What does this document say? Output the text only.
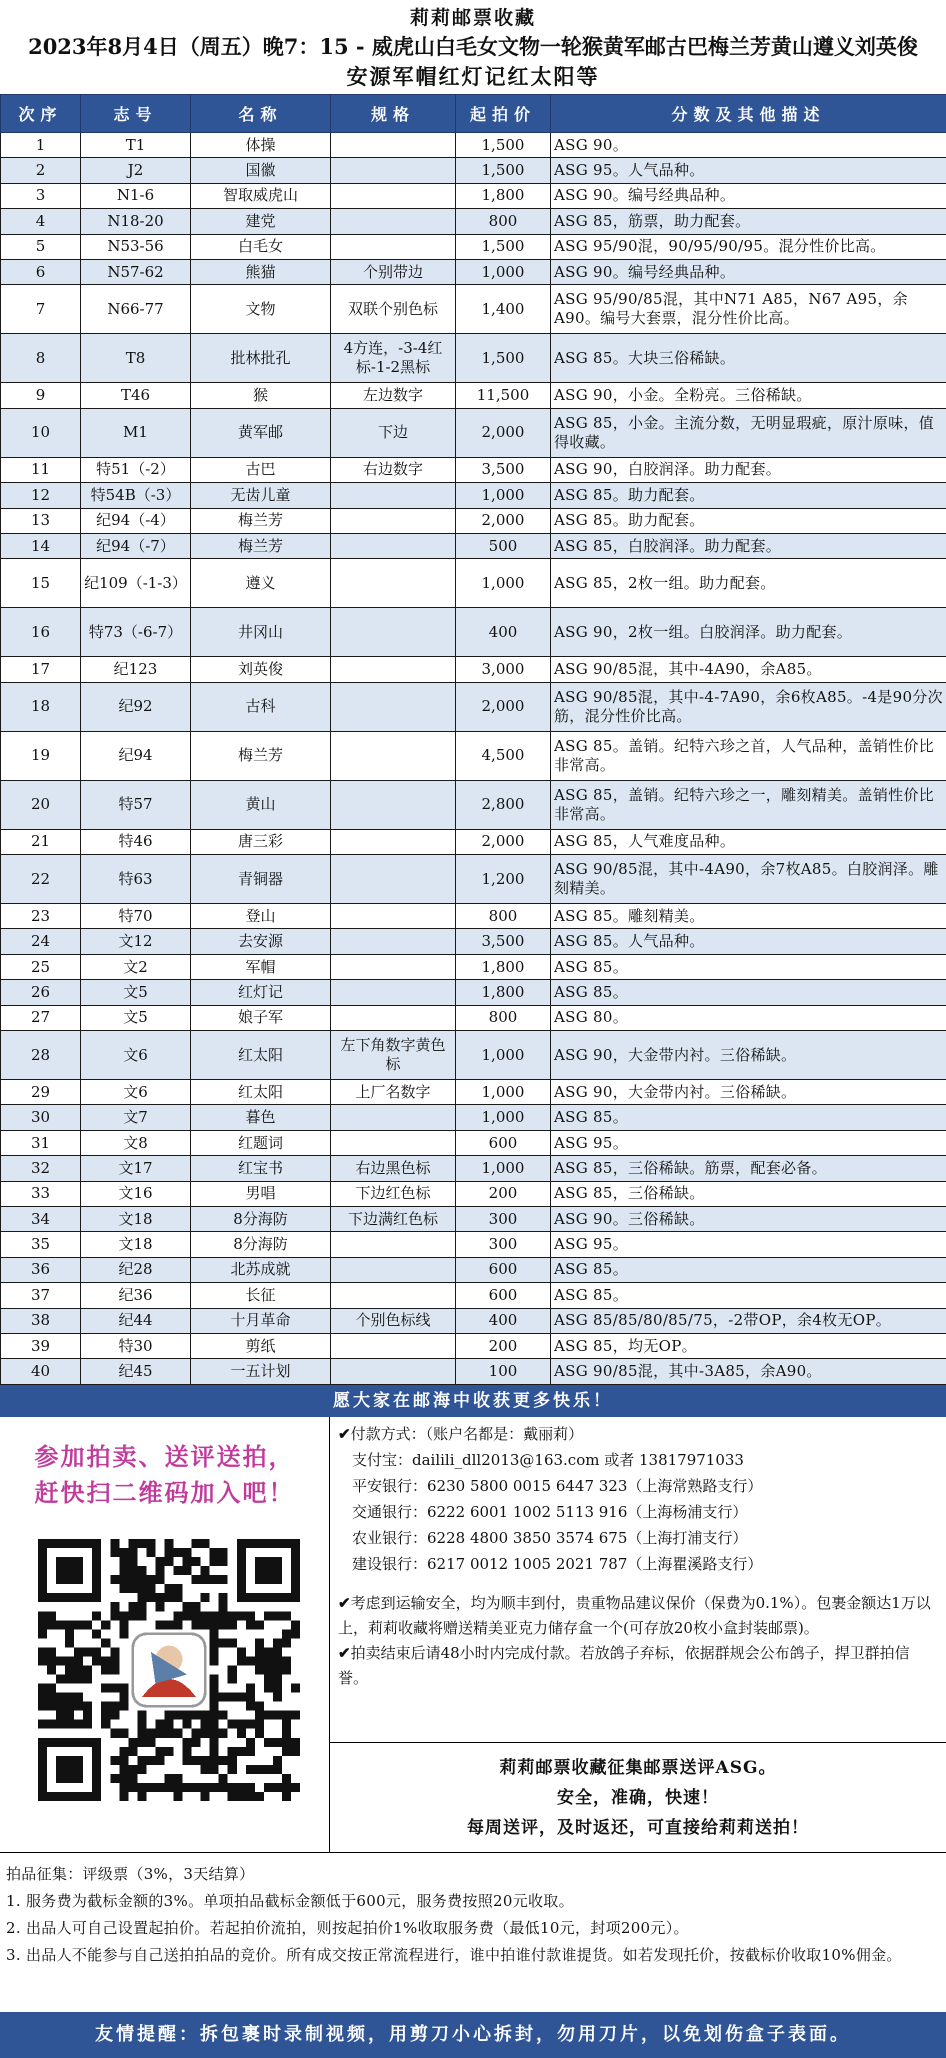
莉莉邮票收藏
2023年8月4日（周五）晚7：15 - 威虎山白毛女文物一轮猴黄军邮古巴梅兰芳黄山遵义刘英俊
安源军帽红灯记红太阳等
次序	志号	名称	规格	起拍价	分数及其他描述
1	T1	体操		1,500	ASG 90。
2	J2	国徽		1,500	ASG 95。人气品种。
3	N1-6	智取威虎山		1,800	ASG 90。编号经典品种。
4	N18-20	建党		800	ASG 85，筋票，助力配套。
5	N53-56	白毛女		1,500	ASG 95/90混，90/95/90/95。混分性价比高。
6	N57-62	熊猫	个别带边	1,000	ASG 90。编号经典品种。
7	N66-77	文物	双联个别色标	1,400	ASG 95/90/85混，其中N71 A85，N67 A95，余A90。编号大套票，混分性价比高。
8	T8	批林批孔	4方连，-3-4红标-1-2黑标	1,500	ASG 85。大块三俗稀缺。
9	T46	猴	左边数字	11,500	ASG 90，小金。全粉亮。三俗稀缺。
10	M1	黄军邮	下边	2,000	ASG 85，小金。主流分数，无明显瑕疵，原汁原味，值得收藏。
11	特51（-2）	古巴	右边数字	3,500	ASG 90，白胶润泽。助力配套。
12	特54B（-3）	无齿儿童		1,000	ASG 85。助力配套。
13	纪94（-4）	梅兰芳		2,000	ASG 85。助力配套。
14	纪94（-7）	梅兰芳		500	ASG 85，白胶润泽。助力配套。
15	纪109（-1-3）	遵义		1,000	ASG 85，2枚一组。助力配套。
16	特73（-6-7）	井冈山		400	ASG 90，2枚一组。白胶润泽。助力配套。
17	纪123	刘英俊		3,000	ASG 90/85混，其中-4A90，余A85。
18	纪92	古科		2,000	ASG 90/85混，其中-4-7A90，余6枚A85。-4是90分次筋，混分性价比高。
19	纪94	梅兰芳		4,500	ASG 85。盖销。纪特六珍之首，人气品种，盖销性价比非常高。
20	特57	黄山		2,800	ASG 85，盖销。纪特六珍之一，雕刻精美。盖销性价比非常高。
21	特46	唐三彩		2,000	ASG 85，人气难度品种。
22	特63	青铜器		1,200	ASG 90/85混，其中-4A90，余7枚A85。白胶润泽。雕刻精美。
23	特70	登山		800	ASG 85。雕刻精美。
24	文12	去安源		3,500	ASG 85。人气品种。
25	文2	军帽		1,800	ASG 85。
26	文5	红灯记		1,800	ASG 85。
27	文5	娘子军		800	ASG 80。
28	文6	红太阳	左下角数字黄色标	1,000	ASG 90，大金带内衬。三俗稀缺。
29	文6	红太阳	上厂名数字	1,000	ASG 90，大金带内衬。三俗稀缺。
30	文7	暮色		1,000	ASG 85。
31	文8	红题词		600	ASG 95。
32	文17	红宝书	右边黑色标	1,000	ASG 85，三俗稀缺。筋票，配套必备。
33	文16	男唱	下边红色标	200	ASG 85，三俗稀缺。
34	文18	8分海防	下边满红色标	300	ASG 90。三俗稀缺。
35	文18	8分海防		300	ASG 95。
36	纪28	北苏成就		600	ASG 85。
37	纪36	长征		600	ASG 85。
38	纪44	十月革命	个别色标线	400	ASG 85/85/80/85/75，-2带OP，余4枚无OP。
39	特30	剪纸		200	ASG 85，均无OP。
40	纪45	一五计划		100	ASG 90/85混，其中-3A85，余A90。
愿大家在邮海中收获更多快乐！
参加拍卖、送评送拍，
赶快扫二维码加入吧！
✔付款方式：（账户名都是：戴丽莉）
支付宝：dailili_dll2013@163.com 或者 13817971033
平安银行：6230 5800 0015 6447 323（上海常熟路支行）
交通银行：6222 6001 1002 5113 916（上海杨浦支行）
农业银行：6228 4800 3850 3574 675（上海打浦支行）
建设银行：6217 0012 1005 2021 787（上海瞿溪路支行）
✔考虑到运输安全，均为顺丰到付，贵重物品建议保价（保费为0.1%）。包裹金额达1万以上，莉莉收藏将赠送精美亚克力储存盒一个(可存放20枚小盒封装邮票)。
✔拍卖结束后请48小时内完成付款。若放鸽子弃标，依据群规会公布鸽子，捍卫群拍信誉。
莉莉邮票收藏征集邮票送评ASG。
安全，准确，快速！
每周送评，及时返还，可直接给莉莉送拍！
拍品征集：评级票（3%，3天结算）
1. 服务费为截标金额的3%。单项拍品截标金额低于600元，服务费按照20元收取。
2. 出品人可自己设置起拍价。若起拍价流拍，则按起拍价1%收取服务费（最低10元，封项200元）。
3. 出品人不能参与自己送拍拍品的竞价。所有成交按正常流程进行，谁中拍谁付款谁提货。如若发现托价，按截标价收取10%佣金。
友情提醒：拆包裹时录制视频，用剪刀小心拆封，勿用刀片，以免划伤盒子表面。
